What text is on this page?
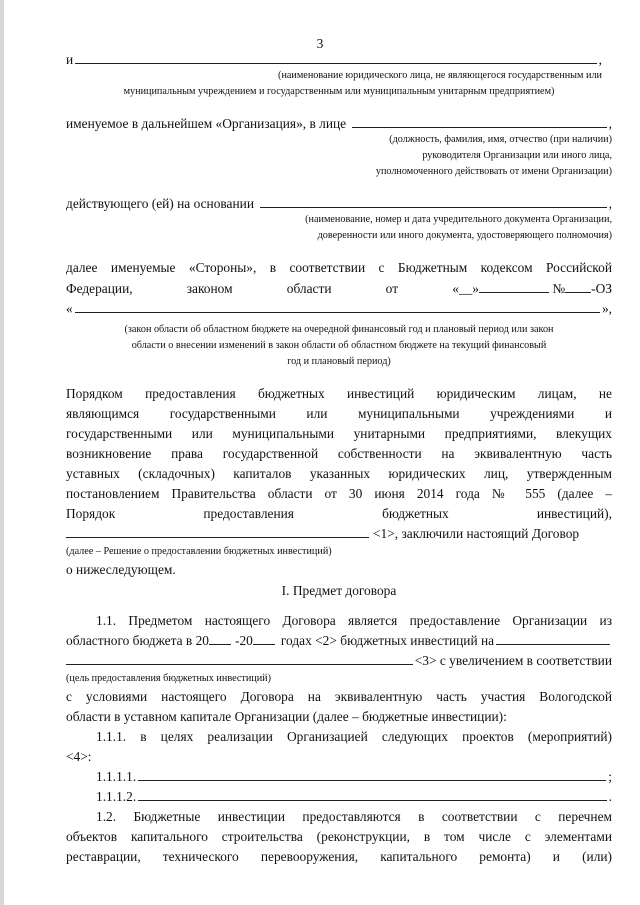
3
и	,
(наименование юридического лица, не являющегося государственным или
муниципальным учреждением и государственным или муниципальным унитарным предприятием)
именуемое в дальнейшем «Организация», в лице	,
(должность, фамилия, имя, отчество (при наличии)
руководителя Организации или иного лица,
уполномоченного действовать от имени Организации)
действующего (ей) на основании	,
(наименование, номер и дата учредительного документа Организации,
доверенности или иного документа, удостоверяющего полномочия)
далее именуемые «Стороны», в соответствии с Бюджетным кодексом Российской
Федерации,	законом	области	от	«__»	№ -ОЗ
«	»,
(закон области об областном бюджете на очередной финансовый год и плановый период или закон
области о внесении изменений в закон области об областном бюджете на текущий финансовый
год и плановый период)
Порядком предоставления бюджетных инвестиций юридическим лицам, не
являющимся государственными или муниципальными учреждениями и
государственными или муниципальными унитарными предприятиями, влекущих
возникновение права государственной собственности на эквивалентную часть
уставных (складочных) капиталов указанных юридических лиц, утвержденным
постановлением Правительства области от 30 июня 2014 года № 555 (далее –
Порядок	предоставления	бюджетных	инвестиций),
<1>, заключили настоящий Договор
(далее – Решение о предоставлении бюджетных инвестиций)
о нижеследующем.
I. Предмет договора
1.1. Предметом настоящего Договора является предоставление Организации из
областного бюджета в 20 -20 годах <2> бюджетных инвестиций на
<3> с увеличением в соответствии
(цель предоставления бюджетных инвестиций)
с условиями настоящего Договора на эквивалентную часть участия Вологодской
области в уставном капитале Организации (далее – бюджетные инвестиции):
1.1.1. в целях реализации Организацией следующих проектов (мероприятий)
<4>:
1.1.1.1.	;
1.1.1.2.	.
1.2. Бюджетные инвестиции предоставляются в соответствии с перечнем
объектов капитального строительства (реконструкции, в том числе с элементами
реставрации, технического перевооружения, капитального ремонта) и (или)
